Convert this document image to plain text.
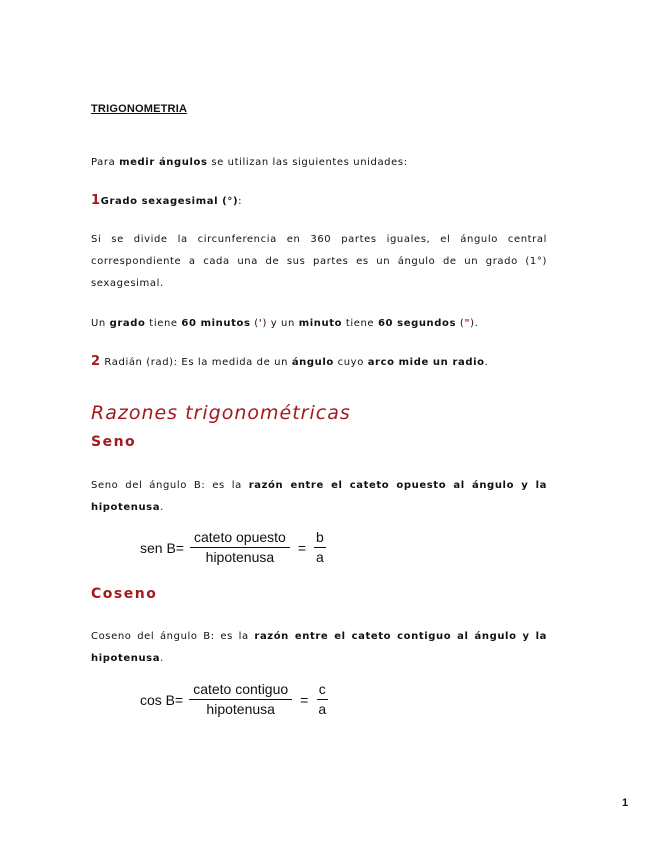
TRIGONOMETRIA
Para medir ángulos se utilizan las siguientes unidades:
1Grado sexagesimal (°):
Si se divide la circunferencia en 360 partes iguales, el ángulo central correspondiente a cada una de sus partes es un ángulo de un grado (1°) sexagesimal.
Un grado tiene 60 minutos (') y un minuto tiene 60 segundos (").
2 Radián (rad): Es la medida de un ángulo cuyo arco mide un radio.
Razones trigonométricas
Seno
Seno del ángulo B: es la razón entre el cateto opuesto al ángulo y la hipotenusa.
sen $B= \frac{\text{cateto opuesto}}{\text{hipotenusa}} = \frac{b}{a}$
Coseno
Coseno del ángulo B: es la razón entre el cateto contiguo al ángulo y la hipotenusa.
$\cos B= \frac{\text{cateto contiguo}}{\text{hipotenusa}} = \frac{c}{a}$
1
